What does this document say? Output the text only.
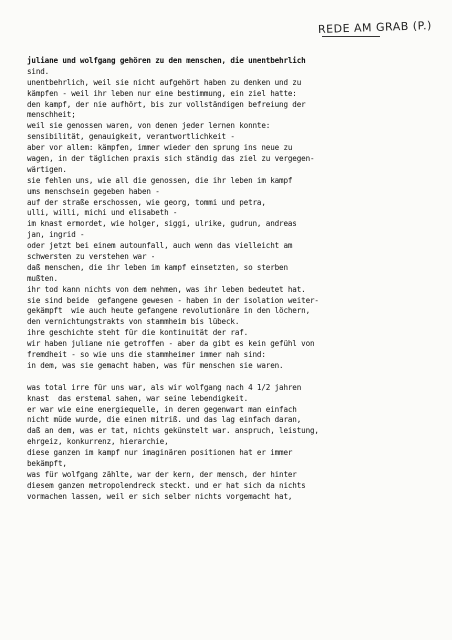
REDE AM GRAB (P.)
juliane und wolfgang gehören zu den menschen, die unentbehrlich
sind.
unentbehrlich, weil sie nicht aufgehört haben zu denken und zu
kämpfen - weil ihr leben nur eine bestimmung, ein ziel hatte:
den kampf, der nie aufhört, bis zur vollständigen befreiung der
menschheit;
weil sie genossen waren, von denen jeder lernen konnte:
sensibilität, genauigkeit, verantwortlichkeit -
aber vor allem: kämpfen, immer wieder den sprung ins neue zu
wagen, in der täglichen praxis sich ständig das ziel zu vergegen-
wärtigen.
sie fehlen uns, wie all die genossen, die ihr leben im kampf
ums menschsein gegeben haben -
auf der straße erschossen, wie georg, tommi und petra,
ulli, willi, michi und elisabeth -
im knast ermordet, wie holger, siggi, ulrike, gudrun, andreas
jan, ingrid -
oder jetzt bei einem autounfall, auch wenn das vielleicht am
schwersten zu verstehen war -
daß menschen, die ihr leben im kampf einsetzten, so sterben
mußten.
ihr tod kann nichts von dem nehmen, was ihr leben bedeutet hat.
sie sind beide  gefangene gewesen - haben in der isolation weiter-
gekämpft  wie auch heute gefangene revolutionäre in den löchern,
den vernichtungstrakts von stammheim bis lübeck.
ihre geschichte steht für die kontinuität der raf.
wir haben juliane nie getroffen - aber da gibt es kein gefühl von
fremdheit - so wie uns die stammheimer immer nah sind:
in dem, was sie gemacht haben, was für menschen sie waren.
was total irre für uns war, als wir wolfgang nach 4 1/2 jahren
knast  das erstemal sahen, war seine lebendigkeit.
er war wie eine energiequelle, in deren gegenwart man einfach
nicht müde wurde, die einen mitriß. und das lag einfach daran,
daß an dem, was er tat, nichts gekünstelt war. anspruch, leistung,
ehrgeiz, konkurrenz, hierarchie,
diese ganzen im kampf nur imaginären positionen hat er immer
bekämpft,
was für wolfgang zählte, war der kern, der mensch, der hinter
diesem ganzen metropolendreck steckt. und er hat sich da nichts
vormachen lassen, weil er sich selber nichts vorgemacht hat,
